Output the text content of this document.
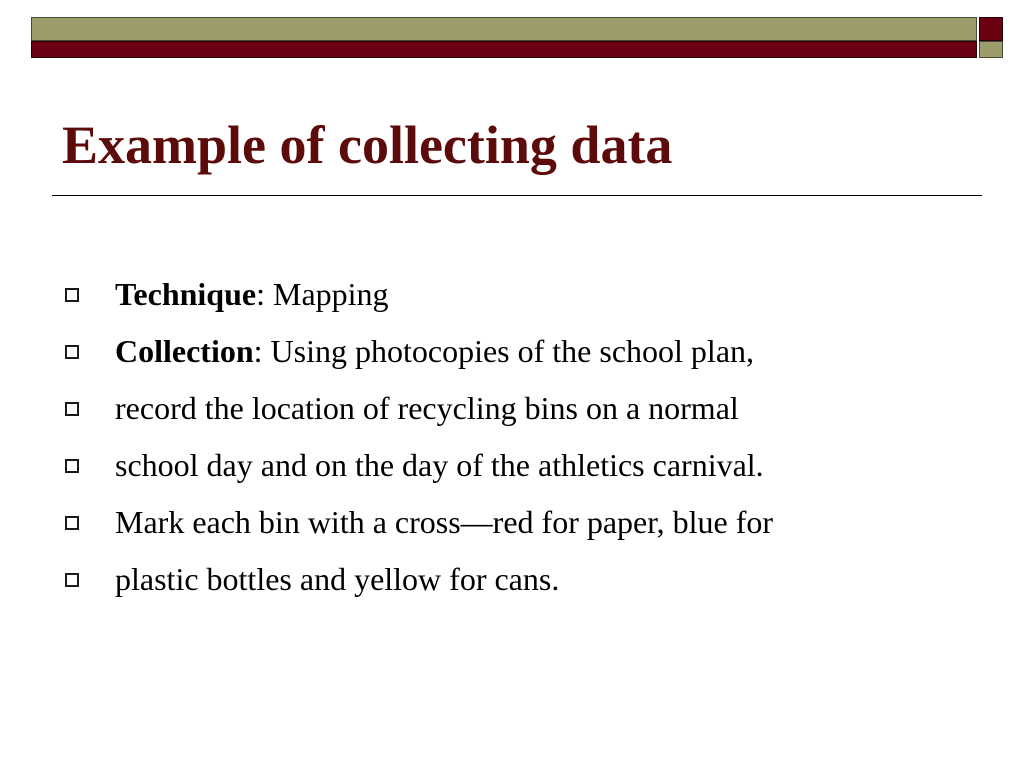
Example of collecting data
Technique: Mapping
Collection: Using photocopies of the school plan,
record the location of recycling bins on a normal
school day and on the day of the athletics carnival.
Mark each bin with a cross—red for paper, blue for
plastic bottles and yellow for cans.
